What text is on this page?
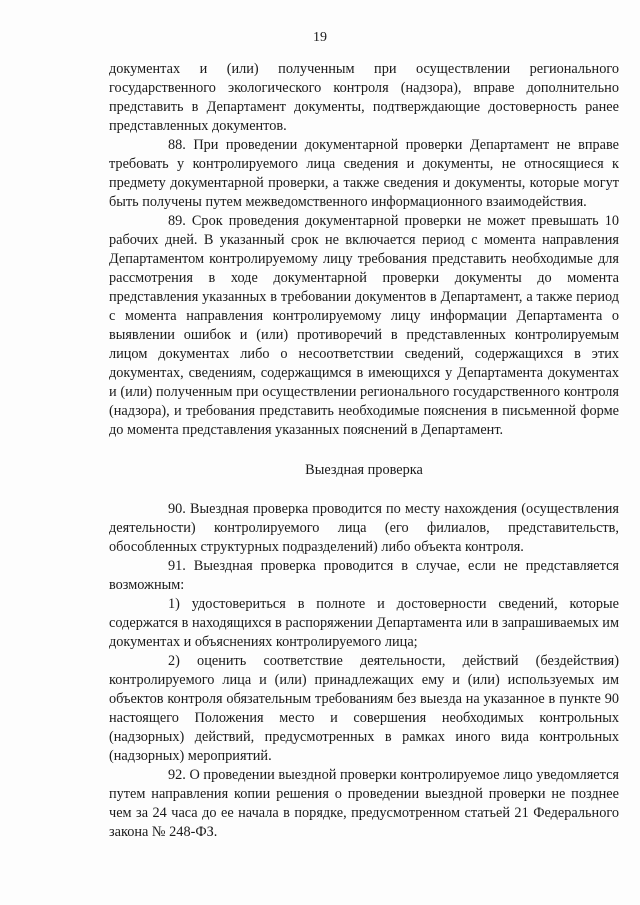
19

документах и (или) полученным при осуществлении регионального государственного экологического контроля (надзора), вправе дополнительно представить в Департамент документы, подтверждающие достоверность ранее представленных документов.

88. При проведении документарной проверки Департамент не вправе требовать у контролируемого лица сведения и документы, не относящиеся к предмету документарной проверки, а также сведения и документы, которые могут быть получены путем межведомственного информационного взаимодействия.

89. Срок проведения документарной проверки не может превышать 10 рабочих дней. В указанный срок не включается период с момента направления Департаментом контролируемому лицу требования представить необходимые для рассмотрения в ходе документарной проверки документы до момента представления указанных в требовании документов в Департамент, а также период с момента направления контролируемому лицу информации Департамента о выявлении ошибок и (или) противоречий в представленных контролируемым лицом документах либо о несоответствии сведений, содержащихся в этих документах, сведениям, содержащимся в имеющихся у Департамента документах и (или) полученным при осуществлении регионального государственного контроля (надзора), и требования представить необходимые пояснения в письменной форме до момента представления указанных пояснений в Департамент.

Выездная проверка

90. Выездная проверка проводится по месту нахождения (осуществления деятельности) контролируемого лица (его филиалов, представительств, обособленных структурных подразделений) либо объекта контроля.

91. Выездная проверка проводится в случае, если не представляется возможным:

1) удостовериться в полноте и достоверности сведений, которые содержатся в находящихся в распоряжении Департамента или в запрашиваемых им документах и объяснениях контролируемого лица;

2) оценить соответствие деятельности, действий (бездействия) контролируемого лица и (или) принадлежащих ему и (или) используемых им объектов контроля обязательным требованиям без выезда на указанное в пункте 90 настоящего Положения место и совершения необходимых контрольных (надзорных) действий, предусмотренных в рамках иного вида контрольных (надзорных) мероприятий.

92. О проведении выездной проверки контролируемое лицо уведомляется путем направления копии решения о проведении выездной проверки не позднее чем за 24 часа до ее начала в порядке, предусмотренном статьей 21 Федерального закона № 248-ФЗ.
